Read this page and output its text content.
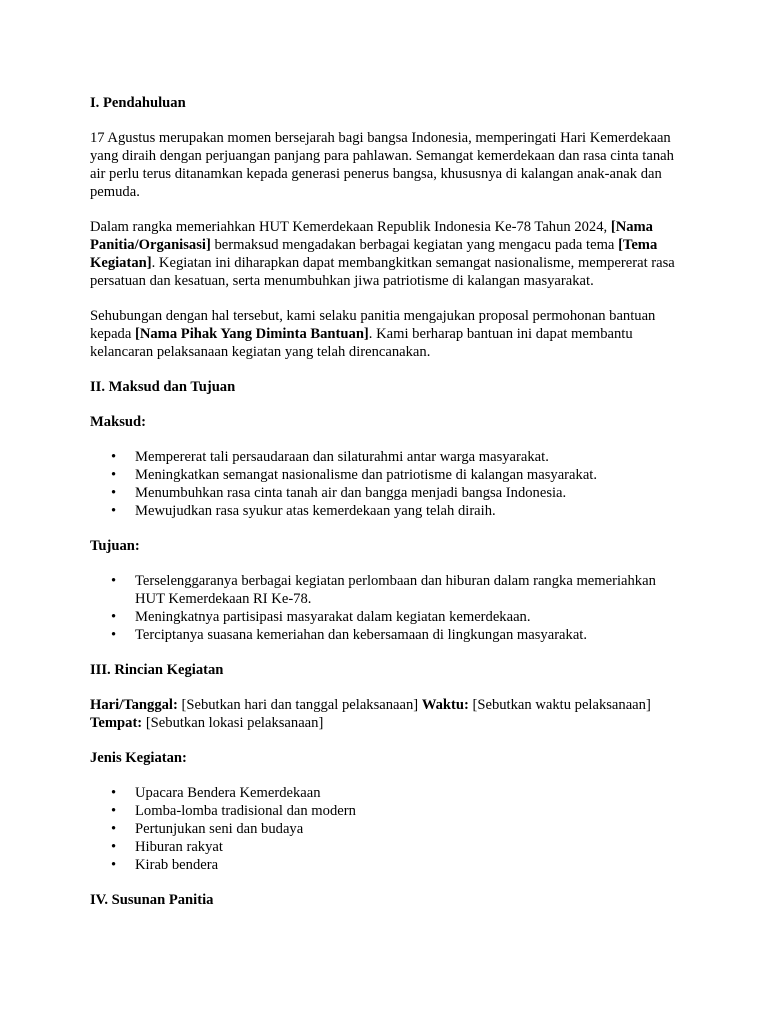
I. Pendahuluan

17 Agustus merupakan momen bersejarah bagi bangsa Indonesia, memperingati Hari Kemerdekaan yang diraih dengan perjuangan panjang para pahlawan. Semangat kemerdekaan dan rasa cinta tanah air perlu terus ditanamkan kepada generasi penerus bangsa, khususnya di kalangan anak-anak dan pemuda.

Dalam rangka memeriahkan HUT Kemerdekaan Republik Indonesia Ke-78 Tahun 2024, [Nama Panitia/Organisasi] bermaksud mengadakan berbagai kegiatan yang mengacu pada tema [Tema Kegiatan]. Kegiatan ini diharapkan dapat membangkitkan semangat nasionalisme, mempererat rasa persatuan dan kesatuan, serta menumbuhkan jiwa patriotisme di kalangan masyarakat.

Sehubungan dengan hal tersebut, kami selaku panitia mengajukan proposal permohonan bantuan kepada [Nama Pihak Yang Diminta Bantuan]. Kami berharap bantuan ini dapat membantu kelancaran pelaksanaan kegiatan yang telah direncanakan.

II. Maksud dan Tujuan
Maksud:
• Mempererat tali persaudaraan dan silaturahmi antar warga masyarakat.
• Meningkatkan semangat nasionalisme dan patriotisme di kalangan masyarakat.
• Menumbuhkan rasa cinta tanah air dan bangga menjadi bangsa Indonesia.
• Mewujudkan rasa syukur atas kemerdekaan yang telah diraih.
Tujuan:
• Terselenggaranya berbagai kegiatan perlombaan dan hiburan dalam rangka memeriahkan HUT Kemerdekaan RI Ke-78.
• Meningkatnya partisipasi masyarakat dalam kegiatan kemerdekaan.
• Terciptanya suasana kemeriahan dan kebersamaan di lingkungan masyarakat.
III. Rincian Kegiatan

Hari/Tanggal: [Sebutkan hari dan tanggal pelaksanaan] Waktu: [Sebutkan waktu pelaksanaan] Tempat: [Sebutkan lokasi pelaksanaan]

Jenis Kegiatan:
• Upacara Bendera Kemerdekaan
• Lomba-lomba tradisional dan modern
• Pertunjukan seni dan budaya
• Hiburan rakyat
• Kirab bendera
IV. Susunan Panitia
